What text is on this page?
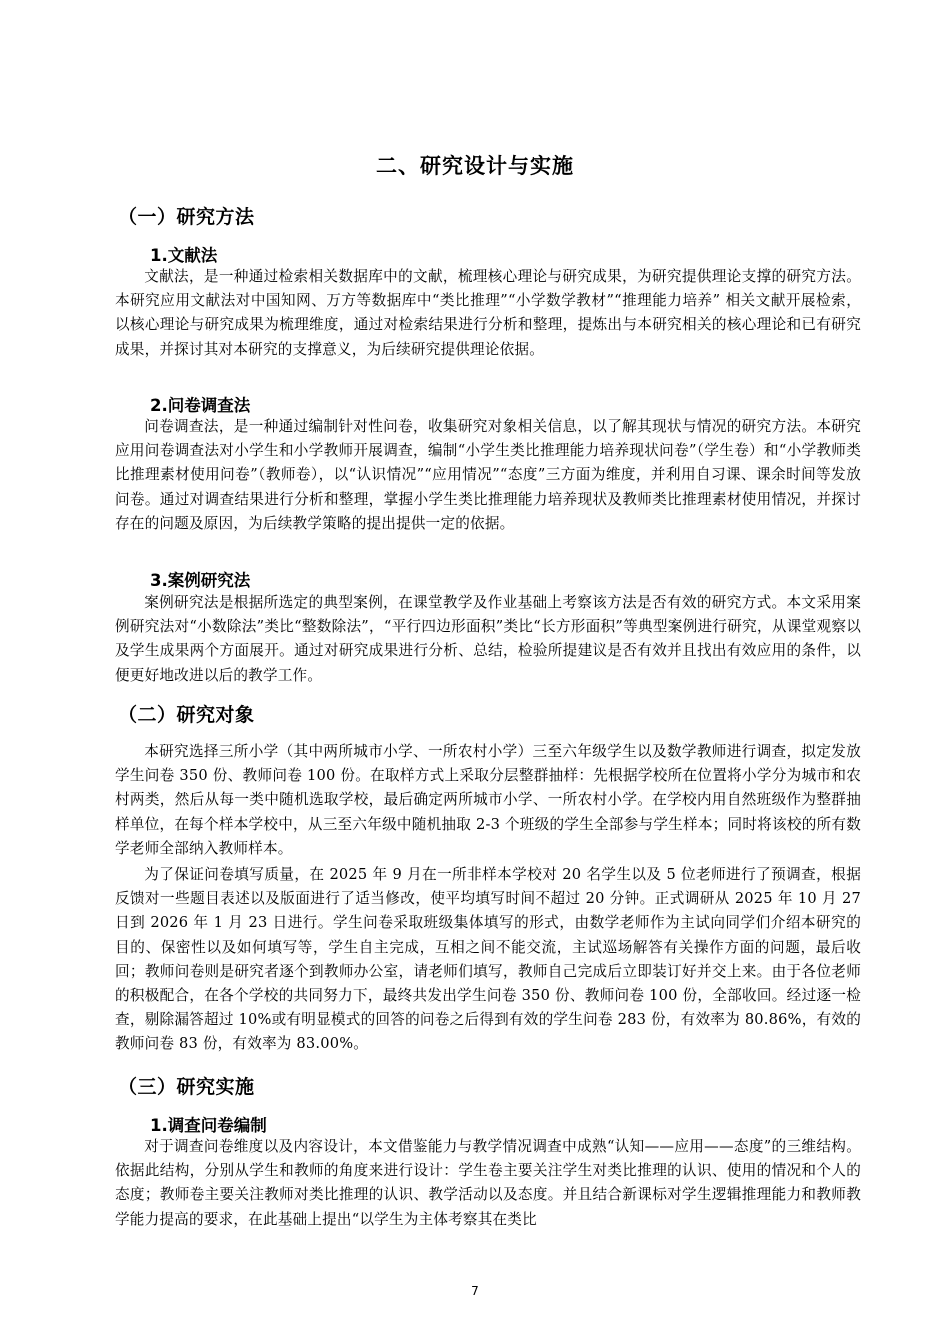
二、研究设计与实施
（一）研究方法
1.文献法

文献法，是一种通过检索相关数据库中的文献，梳理核心理论与研究成果，为研究提供理论支撑的研究方法。本研究应用文献法对中国知网、万方等数据库中“类比推理”“小学数学教材”“推理能力培养” 相关文献开展检索，以核心理论与研究成果为梳理维度，通过对检索结果进行分析和整理，提炼出与本研究相关的核心理论和已有研究成果，并探讨其对本研究的支撑意义，为后续研究提供理论依据。

2.问卷调查法

问卷调查法，是一种通过编制针对性问卷，收集研究对象相关信息，以了解其现状与情况的研究方法。本研究应用问卷调查法对小学生和小学教师开展调查，编制“小学生类比推理能力培养现状问卷”（学生卷）和“小学教师类比推理素材使用问卷”（教师卷），以“认识情况”“应用情况”“态度”三方面为维度，并利用自习课、课余时间等发放问卷。通过对调查结果进行分析和整理，掌握小学生类比推理能力培养现状及教师类比推理素材使用情况，并探讨存在的问题及原因，为后续教学策略的提出提供一定的依据。

3.案例研究法

案例研究法是根据所选定的典型案例，在课堂教学及作业基础上考察该方法是否有效的研究方式。本文采用案例研究法对“小数除法”类比“整数除法”，“平行四边形面积”类比“长方形面积”等典型案例进行研究，从课堂观察以及学生成果两个方面展开。通过对研究成果进行分析、总结，检验所提建议是否有效并且找出有效应用的条件，以便更好地改进以后的教学工作。

（二）研究对象

本研究选择三所小学（其中两所城市小学、一所农村小学）三至六年级学生以及数学教师进行调查，拟定发放学生问卷 350 份、教师问卷 100 份。在取样方式上采取分层整群抽样：先根据学校所在位置将小学分为城市和农村两类，然后从每一类中随机选取学校，最后确定两所城市小学、一所农村小学。在学校内用自然班级作为整群抽样单位，在每个样本学校中，从三至六年级中随机抽取 2-3 个班级的学生全部参与学生样本；同时将该校的所有数学老师全部纳入教师样本。

为了保证问卷填写质量，在 2025 年 9 月在一所非样本学校对 20 名学生以及 5 位老师进行了预调查，根据反馈对一些题目表述以及版面进行了适当修改，使平均填写时间不超过 20 分钟。正式调研从 2025 年 10 月 27 日到 2026 年 1 月 23 日进行。学生问卷采取班级集体填写的形式，由数学老师作为主试向同学们介绍本研究的目的、保密性以及如何填写等，学生自主完成，互相之间不能交流，主试巡场解答有关操作方面的问题，最后收回；教师问卷则是研究者逐个到教师办公室，请老师们填写，教师自己完成后立即装订好并交上来。由于各位老师的积极配合，在各个学校的共同努力下，最终共发出学生问卷 350 份、教师问卷 100 份，全部收回。经过逐一检查，剔除漏答超过 10%或有明显模式的回答的问卷之后得到有效的学生问卷 283 份，有效率为 80.86%，有效的教师问卷 83 份，有效率为 83.00%。

（三）研究实施
1.调查问卷编制

对于调查问卷维度以及内容设计，本文借鉴能力与教学情况调查中成熟“认知——应用——态度”的三维结构。依据此结构，分别从学生和教师的角度来进行设计：学生卷主要关注学生对类比推理的认识、使用的情况和个人的态度；教师卷主要关注教师对类比推理的认识、教学活动以及态度。并且结合新课标对学生逻辑推理能力和教师教学能力提高的要求，在此基础上提出“以学生为主体考察其在类比

7
